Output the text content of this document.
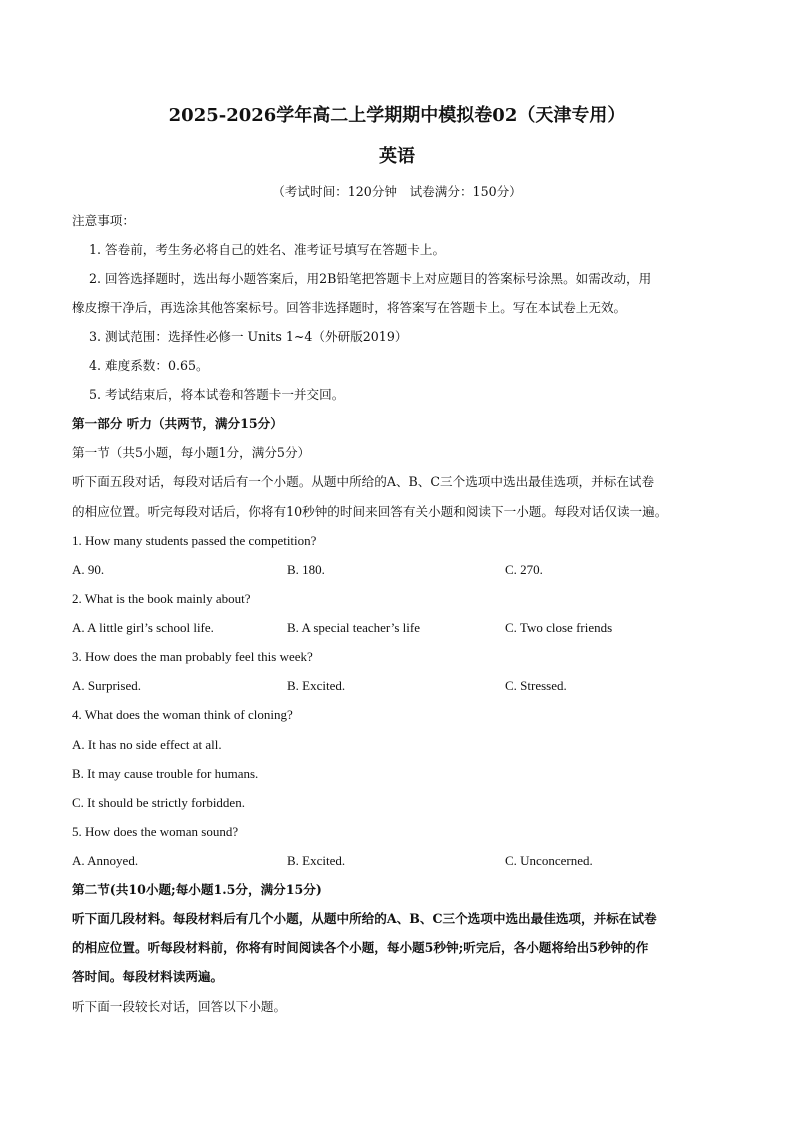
2025-2026学年高二上学期期中模拟卷02（天津专用）
英语
（考试时间：120分钟　试卷满分：150分）
注意事项：
1. 答卷前，考生务必将自己的姓名、准考证号填写在答题卡上。
2. 回答选择题时，选出每小题答案后，用2B铅笔把答题卡上对应题目的答案标号涂黑。如需改动，用
橡皮擦干净后，再选涂其他答案标号。回答非选择题时，将答案写在答题卡上。写在本试卷上无效。
3. 测试范围：选择性必修一 Units 1~4（外研版2019）
4. 难度系数：0.65。
5. 考试结束后，将本试卷和答题卡一并交回。
第一部分 听力（共两节，满分15分）
第一节（共5小题，每小题1分，满分5分）
听下面五段对话，每段对话后有一个小题。从题中所给的A、B、C三个选项中选出最佳选项，并标在试卷
的相应位置。听完每段对话后，你将有10秒钟的时间来回答有关小题和阅读下一小题。每段对话仅读一遍。
1. How many students passed the competition?
A. 90.	B. 180.	C. 270.
2. What is the book mainly about?
A. A little girl’s school life.	B. A special teacher’s life	C. Two close friends
3. How does the man probably feel this week?
A. Surprised.	B. Excited.	C. Stressed.
4. What does the woman think of cloning?
A. It has no side effect at all.
B. It may cause trouble for humans.
C. It should be strictly forbidden.
5. How does the woman sound?
A. Annoyed.	B. Excited.	C. Unconcerned.
第二节(共10小题;每小题1.5分，满分15分)
听下面几段材料。每段材料后有几个小题，从题中所给的A、B、C三个选项中选出最佳选项，并标在试卷
的相应位置。听每段材料前，你将有时间阅读各个小题，每小题5秒钟;听完后，各小题将给出5秒钟的作
答时间。每段材料读两遍。
听下面一段较长对话，回答以下小题。
